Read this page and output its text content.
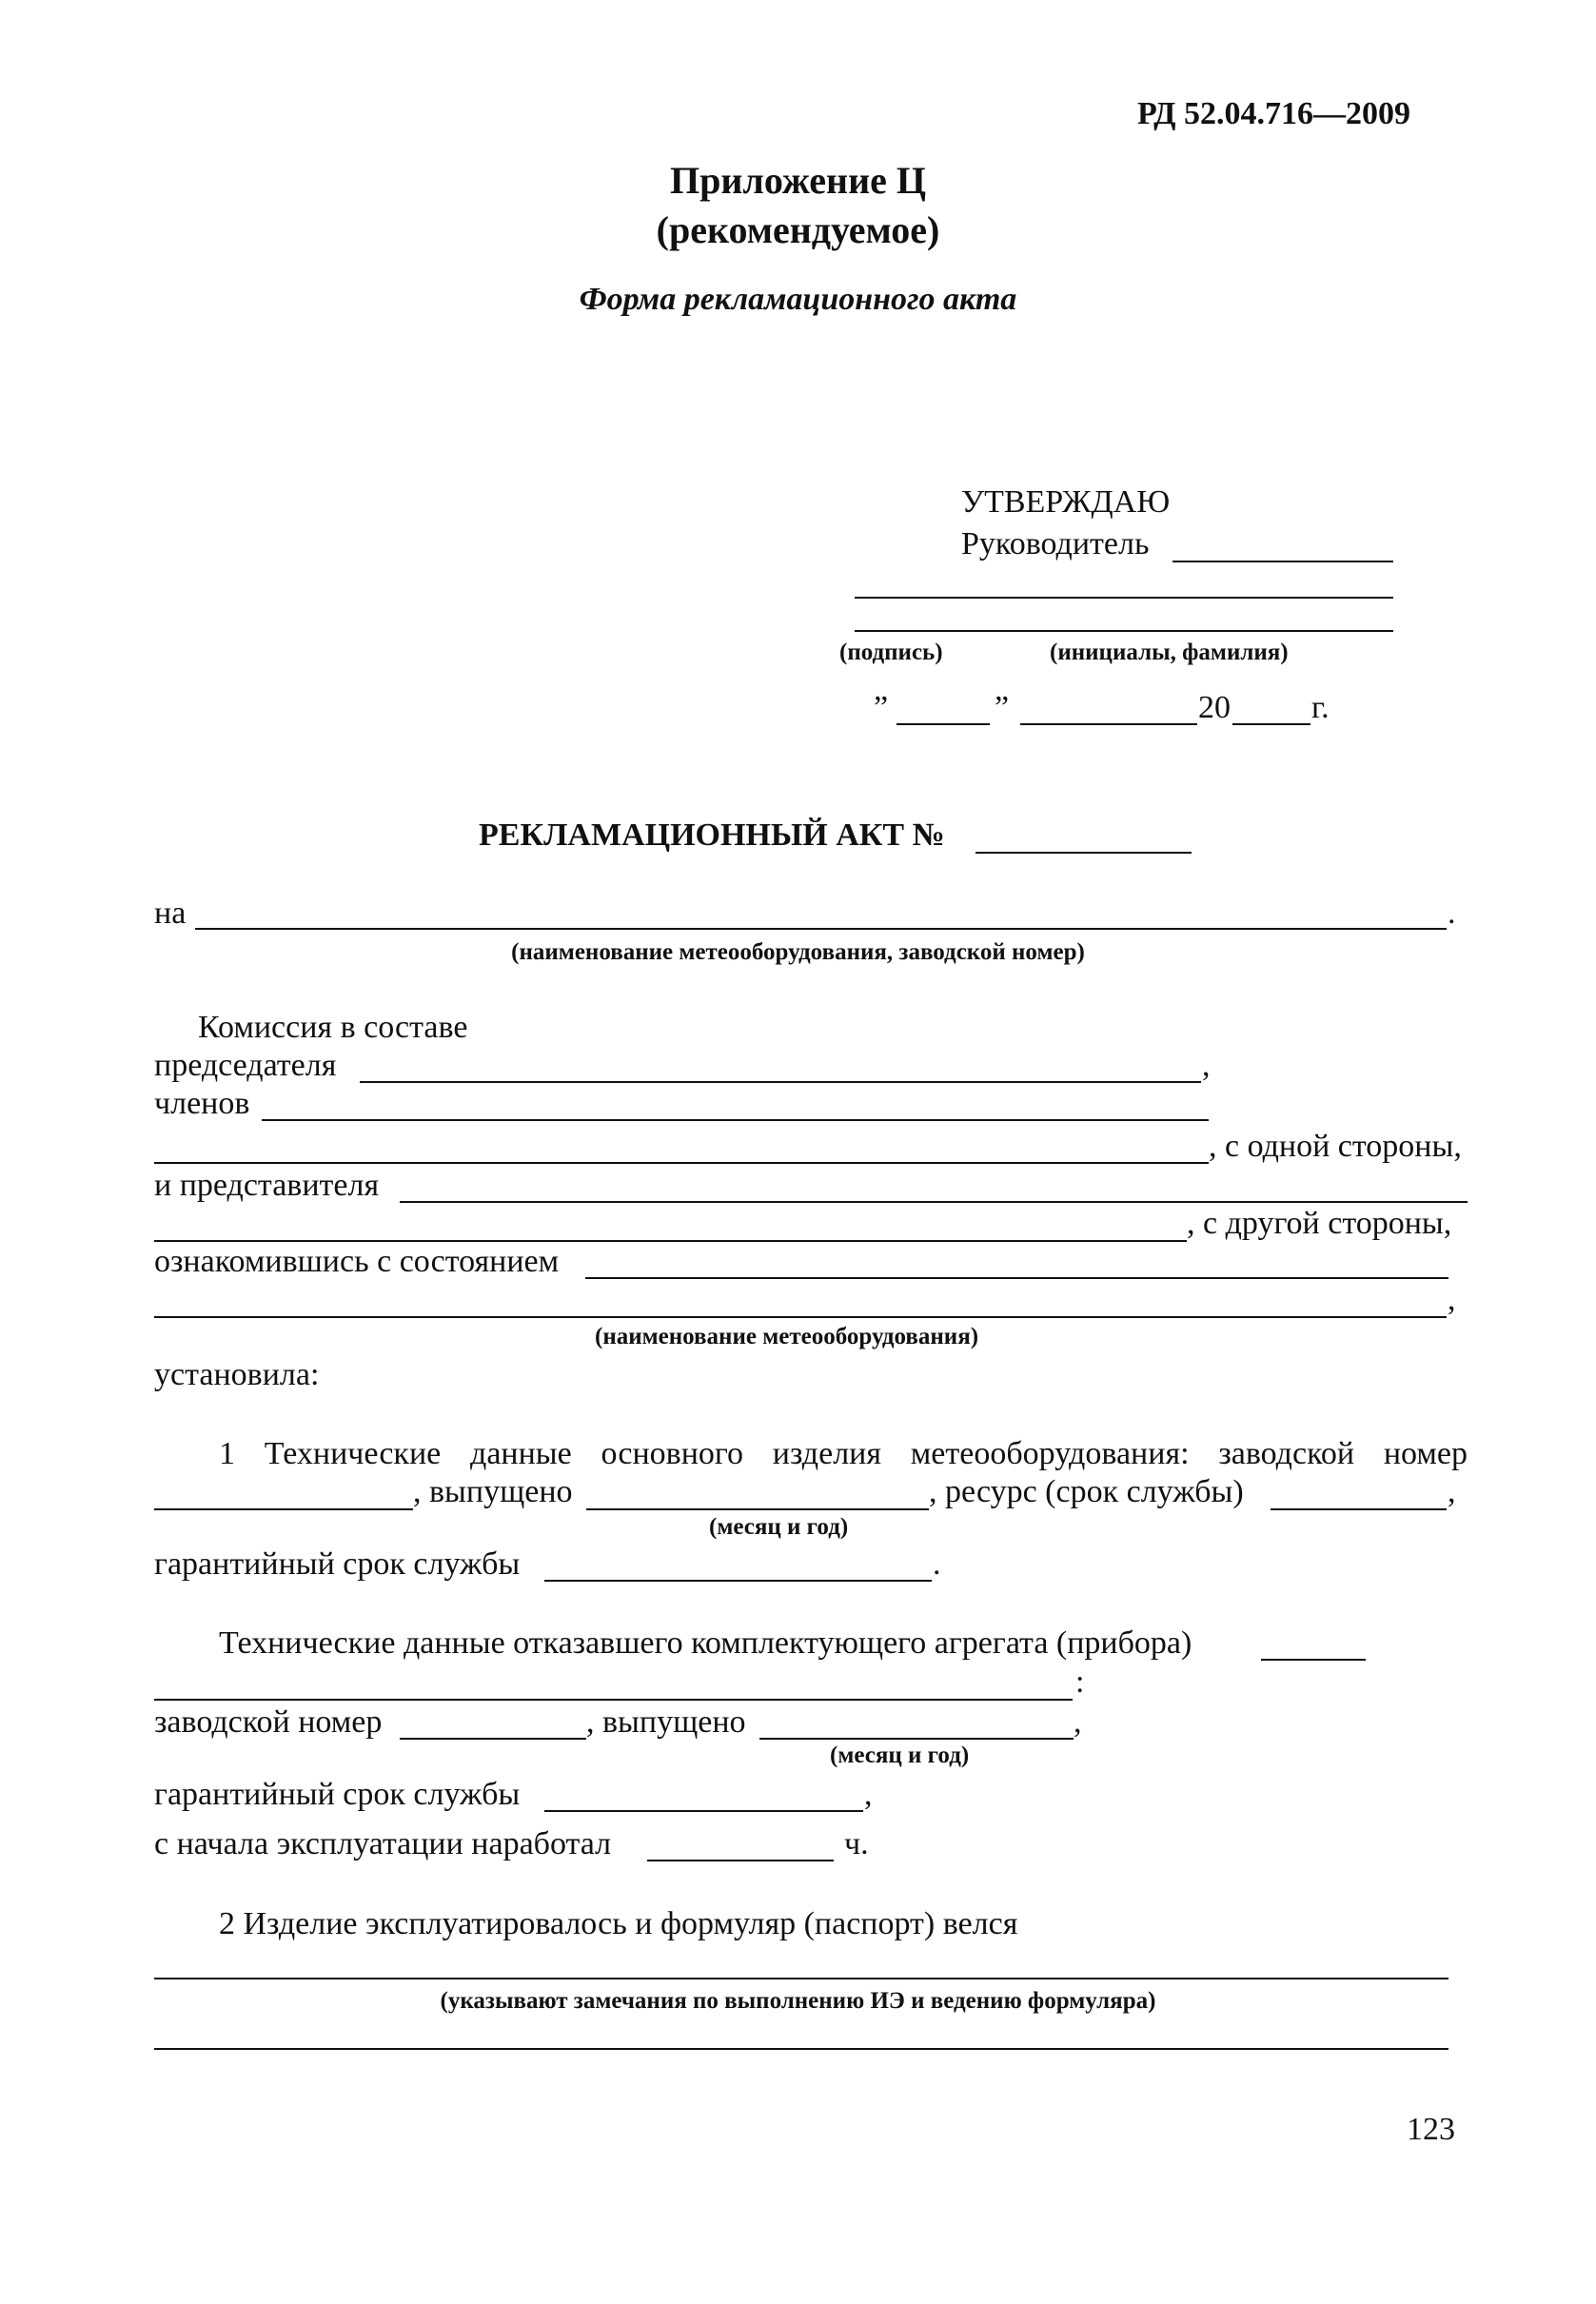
РД 52.04.716—2009
Приложение Ц
(рекомендуемое)
Форма рекламационного акта
УТВЕРЖДАЮ
Руководитель
(подпись)	(инициалы, фамилия)
”	”	20	г.
РЕКЛАМАЦИОННЫЙ АКТ №
на	.
(наименование метеооборудования, заводской номер)
Комиссия в составе
председателя	,
членов
, с одной стороны,
и представителя
, с другой стороны,
ознакомившись с состоянием
,
(наименование метеооборудования)
установила:
1 Технические данные основного изделия метеооборудования: заводской номер
, выпущено	, ресурс (срок службы)	,
(месяц и год)
гарантийный срок службы	.
Технические данные отказавшего комплектующего агрегата (прибора)
:
заводской номер	, выпущено	,
(месяц и год)
гарантийный срок службы	,
с начала эксплуатации наработал	ч.
2 Изделие эксплуатировалось и формуляр (паспорт) велся
(указывают замечания по выполнению ИЭ и ведению формуляра)
123
